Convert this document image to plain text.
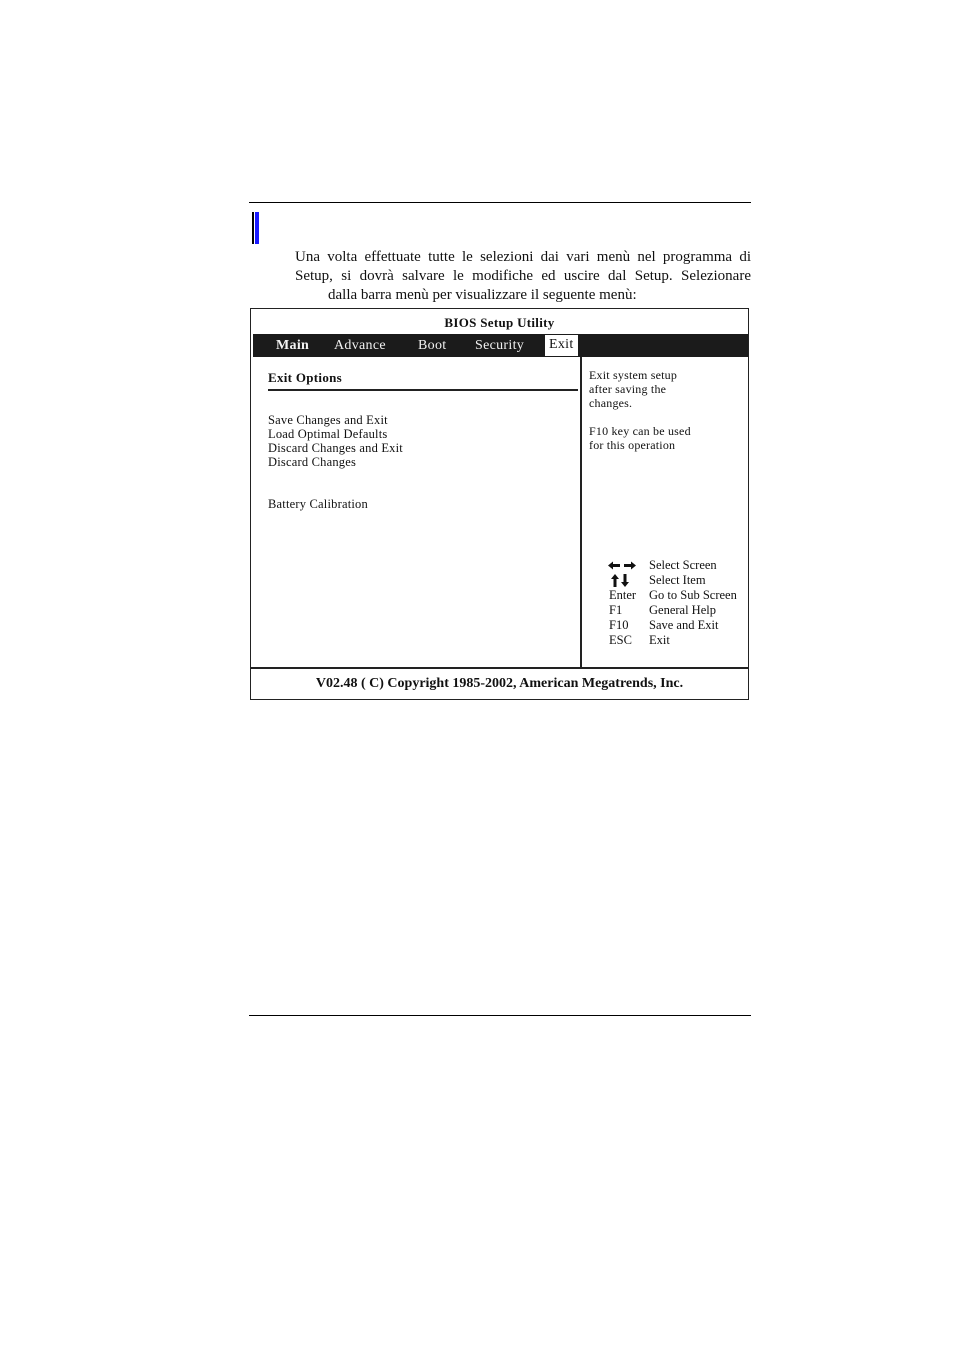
Una volta effettuate tutte le selezioni dai vari menù nel programma di
Setup, si dovrà salvare le modifiche ed uscire dal Setup. Selezionare
dalla barra menù per visualizzare il seguente menù:
BIOS Setup Utility
Main Advance Boot Security Exit
Exit Options
Save Changes and Exit
Load Optimal Defaults
Discard Changes and Exit
Discard Changes
Battery Calibration
Exit system setup
after saving the
changes.
F10 key can be used
for this operation
Select Screen
Select Item
Enter	Go to Sub Screen
F1	General Help
F10	Save and Exit
ESC	Exit
V02.48 ( C) Copyright 1985-2002, American Megatrends, Inc.
